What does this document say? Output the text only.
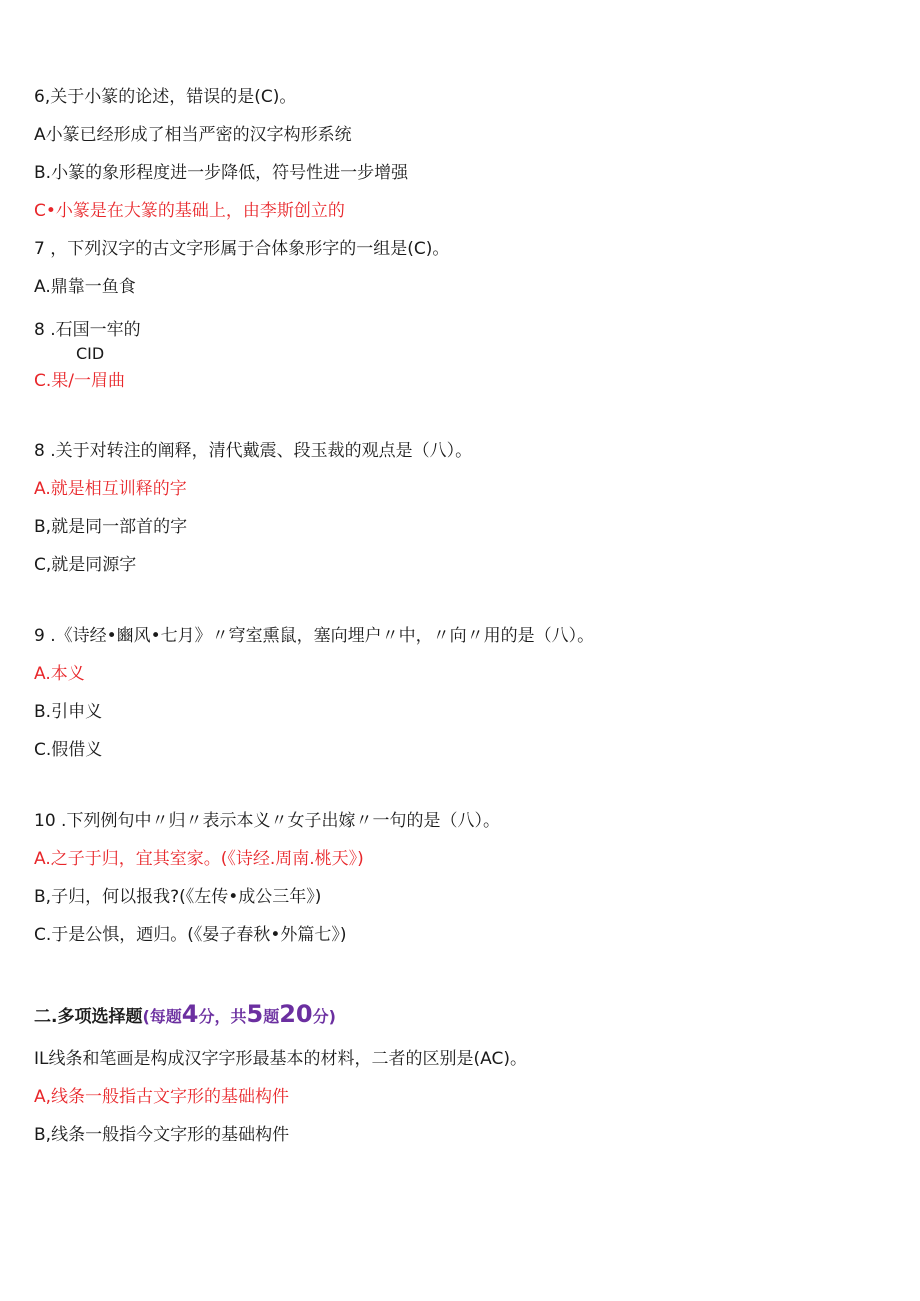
6,关于小篆的论述，错误的是(C)。
A小篆已经形成了相当严密的汉字构形系统
B.小篆的象形程度进一步降低，符号性进一步增强
C•小篆是在大篆的基础上，由李斯创立的
7 ，下列汉字的古文字形属于合体象形字的一组是(C)。
A.鼎靠一鱼食
8 .石国一牢的
CID
C.果/一眉曲
8 .关于对转注的阐释，清代戴震、段玉裁的观点是（八）。
A.就是相互训释的字
B,就是同一部首的字
C,就是同源字
9 .《诗经•豳风•七月》〃穹室熏鼠，塞向埋户〃中，〃向〃用的是（八）。
A.本义
B.引申义
C.假借义
10 .下列例句中〃归〃表示本义〃女子出嫁〃一句的是（八）。
A.之子于归，宜其室家。(《诗经.周南.桃天》)
B,子归，何以报我?(《左传•成公三年》)
C.于是公惧，迺归。(《晏子春秋•外篇七》)
二.多项选择题(每题4分，共5题20分)
IL线条和笔画是构成汉字字形最基本的材料，二者的区别是(AC)。
A,线条一般指古文字形的基础构件
B,线条一般指今文字形的基础构件
